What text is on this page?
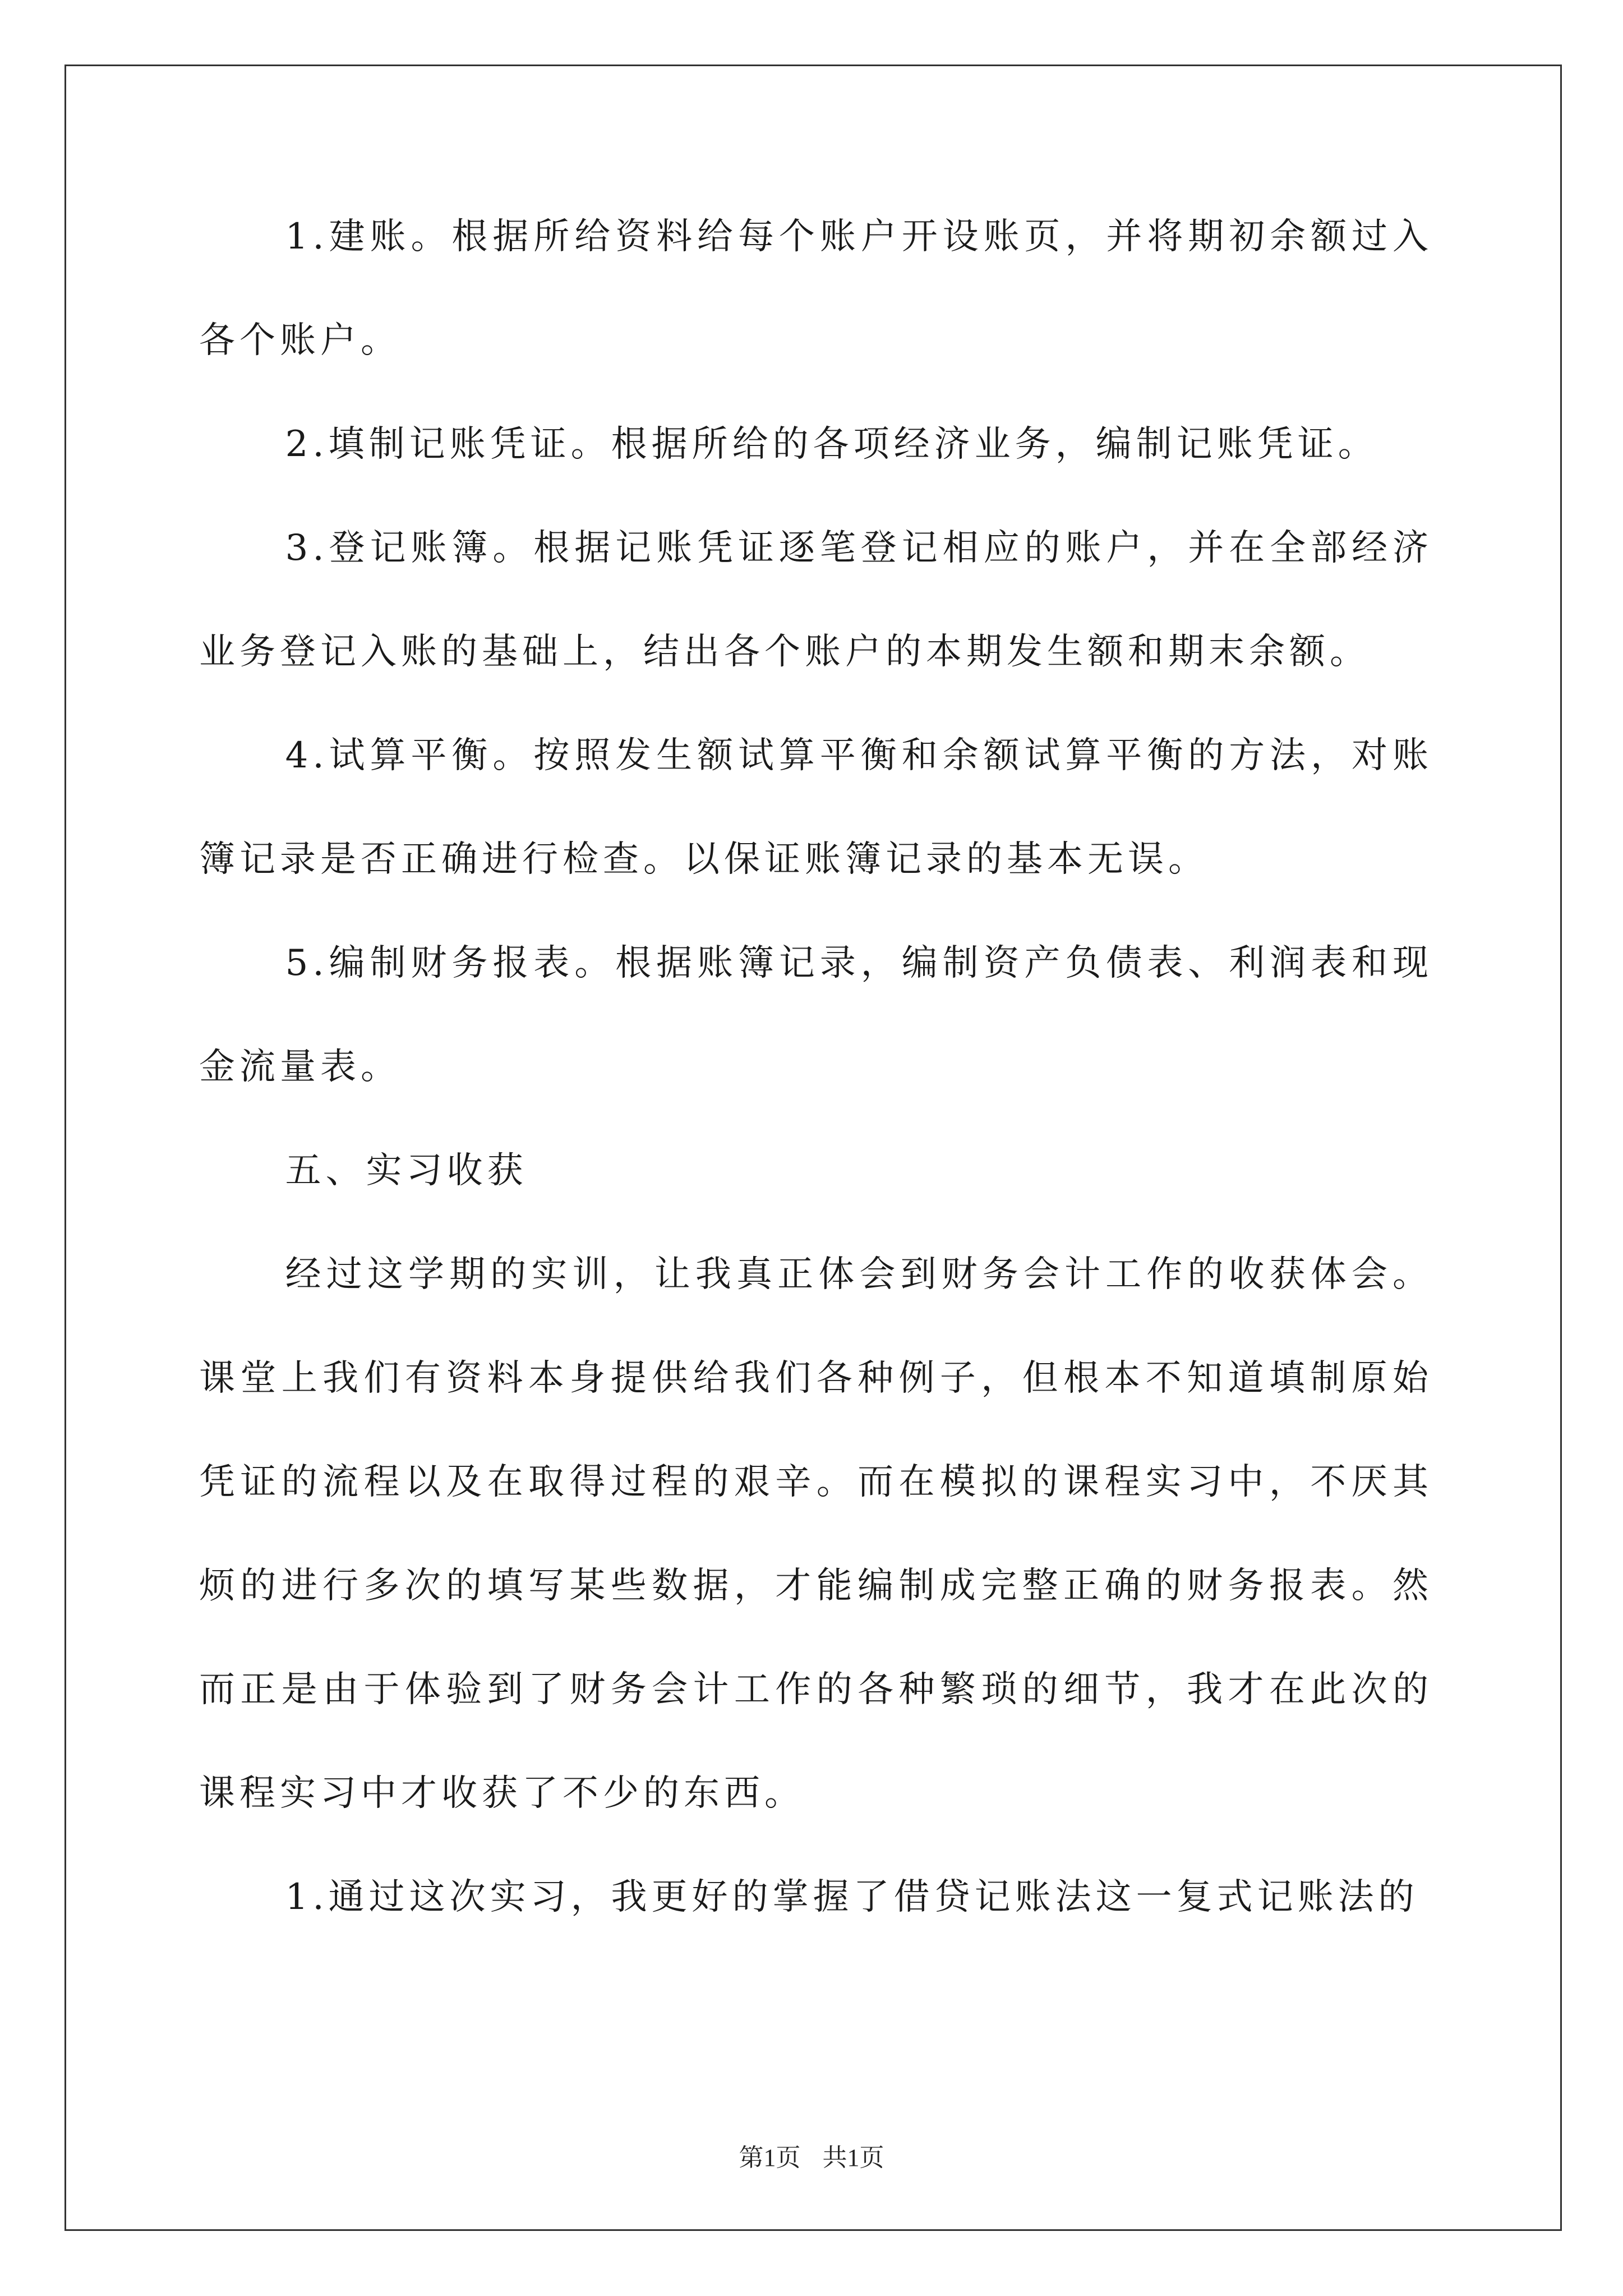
1.建账。根据所给资料给每个账户开设账页，并将期初余额过入各个账户。

2.填制记账凭证。根据所给的各项经济业务，编制记账凭证。

3.登记账簿。根据记账凭证逐笔登记相应的账户，并在全部经济业务登记入账的基础上，结出各个账户的本期发生额和期末余额。

4.试算平衡。按照发生额试算平衡和余额试算平衡的方法，对账簿记录是否正确进行检查。以保证账簿记录的基本无误。

5.编制财务报表。根据账簿记录，编制资产负债表、利润表和现金流量表。

五、实习收获

经过这学期的实训，让我真正体会到财务会计工作的收获体会。课堂上我们有资料本身提供给我们各种例子，但根本不知道填制原始凭证的流程以及在取得过程的艰辛。而在模拟的课程实习中，不厌其烦的进行多次的填写某些数据，才能编制成完整正确的财务报表。然而正是由于体验到了财务会计工作的各种繁琐的细节，我才在此次的课程实习中才收获了不少的东西。

1.通过这次实习，我更好的掌握了借贷记账法这一复式记账法的

第1页 共1页
